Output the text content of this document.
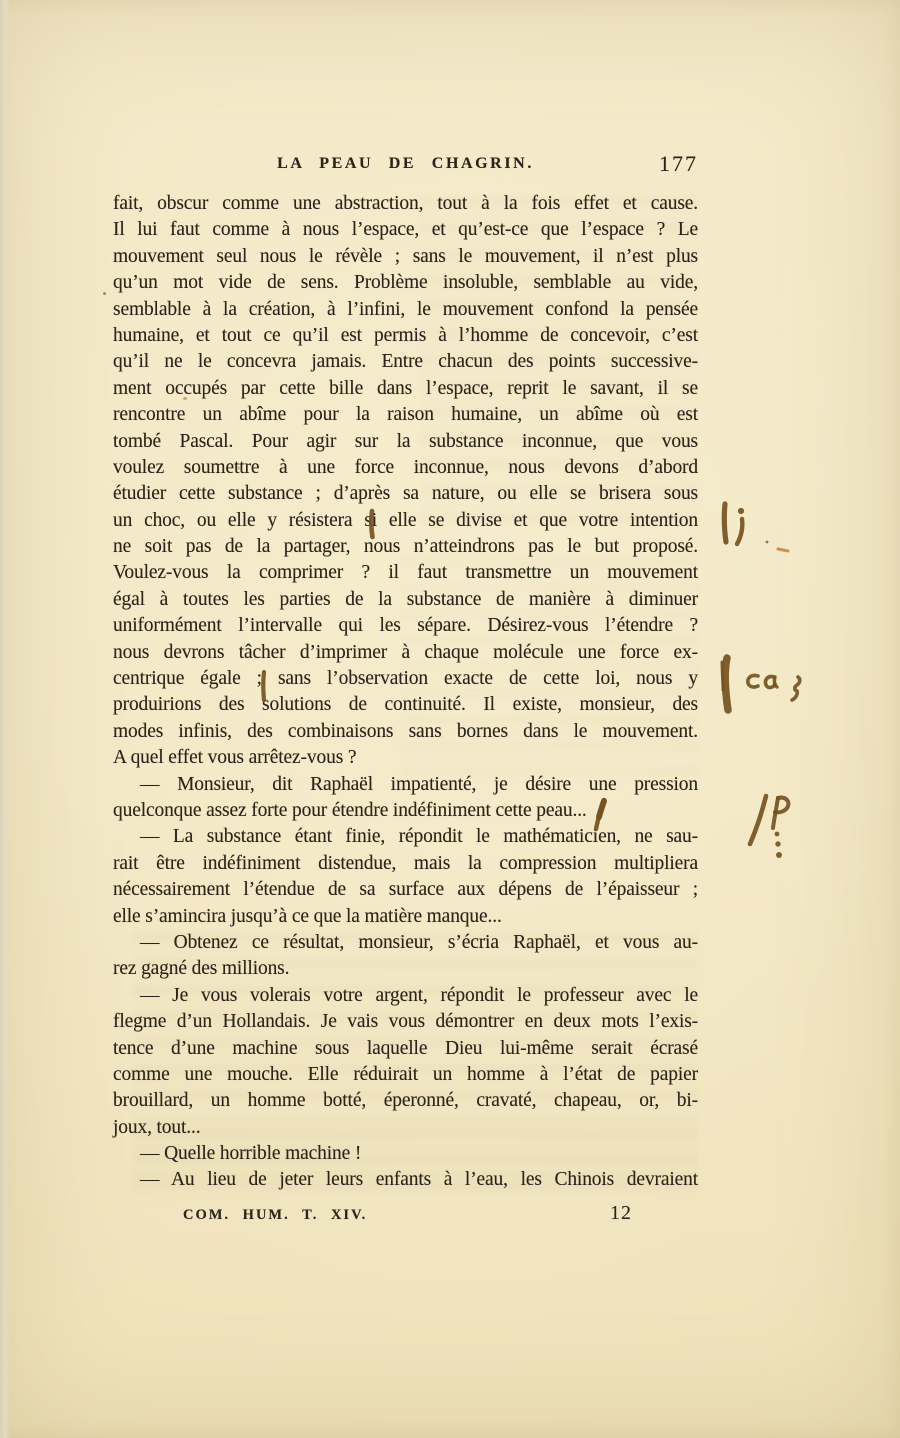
LA PEAU DE CHAGRIN.	177
fait, obscur comme une abstraction, tout à la fois effet et cause.
Il lui faut comme à nous l’espace, et qu’est-ce que l’espace ? Le
mouvement seul nous le révèle ; sans le mouvement, il n’est plus
qu’un mot vide de sens. Problème insoluble, semblable au vide,
semblable à la création, à l’infini, le mouvement confond la pensée
humaine, et tout ce qu’il est permis à l’homme de concevoir, c’est
qu’il ne le concevra jamais. Entre chacun des points successive-
ment occupés par cette bille dans l’espace, reprit le savant, il se
rencontre un abîme pour la raison humaine, un abîme où est
tombé Pascal. Pour agir sur la substance inconnue, que vous
voulez soumettre à une force inconnue, nous devons d’abord
étudier cette substance ; d’après sa nature, ou elle se brisera sous
un choc, ou elle y résistera si elle se divise et que votre intention
ne soit pas de la partager, nous n’atteindrons pas le but proposé.
Voulez-vous la comprimer ? il faut transmettre un mouvement
égal à toutes les parties de la substance de manière à diminuer
uniformément l’intervalle qui les sépare. Désirez-vous l’étendre ?
nous devrons tâcher d’imprimer à chaque molécule une force ex-
centrique égale ; sans l’observation exacte de cette loi, nous y
produirions des solutions de continuité. Il existe, monsieur, des
modes infinis, des combinaisons sans bornes dans le mouvement.
A quel effet vous arrêtez-vous ?
— Monsieur, dit Raphaël impatienté, je désire une pression
quelconque assez forte pour étendre indéfiniment cette peau...
— La substance étant finie, répondit le mathématicien, ne sau-
rait être indéfiniment distendue, mais la compression multipliera
nécessairement l’étendue de sa surface aux dépens de l’épaisseur ;
elle s’amincira jusqu’à ce que la matière manque...
— Obtenez ce résultat, monsieur, s’écria Raphaël, et vous au-
rez gagné des millions.
— Je vous volerais votre argent, répondit le professeur avec le
flegme d’un Hollandais. Je vais vous démontrer en deux mots l’exis-
tence d’une machine sous laquelle Dieu lui-même serait écrasé
comme une mouche. Elle réduirait un homme à l’état de papier
brouillard, un homme botté, éperonné, cravaté, chapeau, or, bi-
joux, tout...
— Quelle horrible machine !
— Au lieu de jeter leurs enfants à l’eau, les Chinois devraient
COM. HUM. T. XIV.	12
